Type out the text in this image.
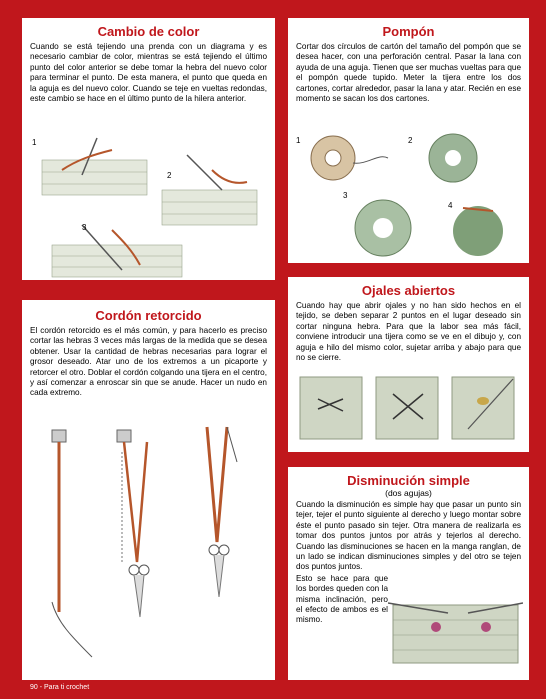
Cambio de color
Cuando se está tejiendo una prenda con un diagrama y es necesario cambiar de color, mientras se está tejiendo el último punto del color anterior se debe tomar la hebra del nuevo color para terminar el punto. De esta manera, el punto que queda en la aguja es del nuevo color. Cuando se teje en vueltas redondas, este cambio se hace en el último punto de la hilera anterior.
1
2
3
Pompón
Cortar dos círculos de cartón del tamaño del pompón que se desea hacer, con una perforación central. Pasar la lana con ayuda de una aguja. Tienen que ser muchas vueltas para que el pompón quede tupido. Meter la tijera entre los dos cartones, cortar alrededor, pasar la lana y atar. Recién en ese momento se sacan los dos cartones.
1	2
3
4
Cordón retorcido
El cordón retorcido es el más común, y para hacerlo es preciso cortar las hebras 3 veces más largas de la medida que se desea obtener. Usar la cantidad de hebras necesarias para lograr el grosor deseado. Atar uno de los extremos a un picaporte y retorcer el otro. Doblar el cordón colgando una tijera en el centro, y así comenzar a enroscar sin que se anude. Hacer un nudo en cada extremo.
Ojales abiertos
Cuando hay que abrir ojales y no han sido hechos en el tejido, se deben separar 2 puntos en el lugar deseado sin cortar ninguna hebra. Para que la labor sea más fácil, conviene introducir una tijera como se ve en el dibujo y, con aguja e hilo del mismo color, sujetar arriba y abajo para que no se cierre.
Disminución simple
(dos agujas)
Cuando la disminución es simple hay que pasar un punto sin tejer, tejer el punto siguiente al derecho y luego montar sobre éste el punto pasado sin tejer. Otra manera de realizarla es tomar dos puntos juntos por atrás y tejerlos al derecho. Cuando las disminuciones se hacen en la manga ranglan, de un lado se indican disminuciones simples y del otro se tejen dos puntos juntos.
Esto se hace para que los bordes queden con la misma inclinación, pero el efecto de ambos es el mismo.
90 - Para ti crochet
